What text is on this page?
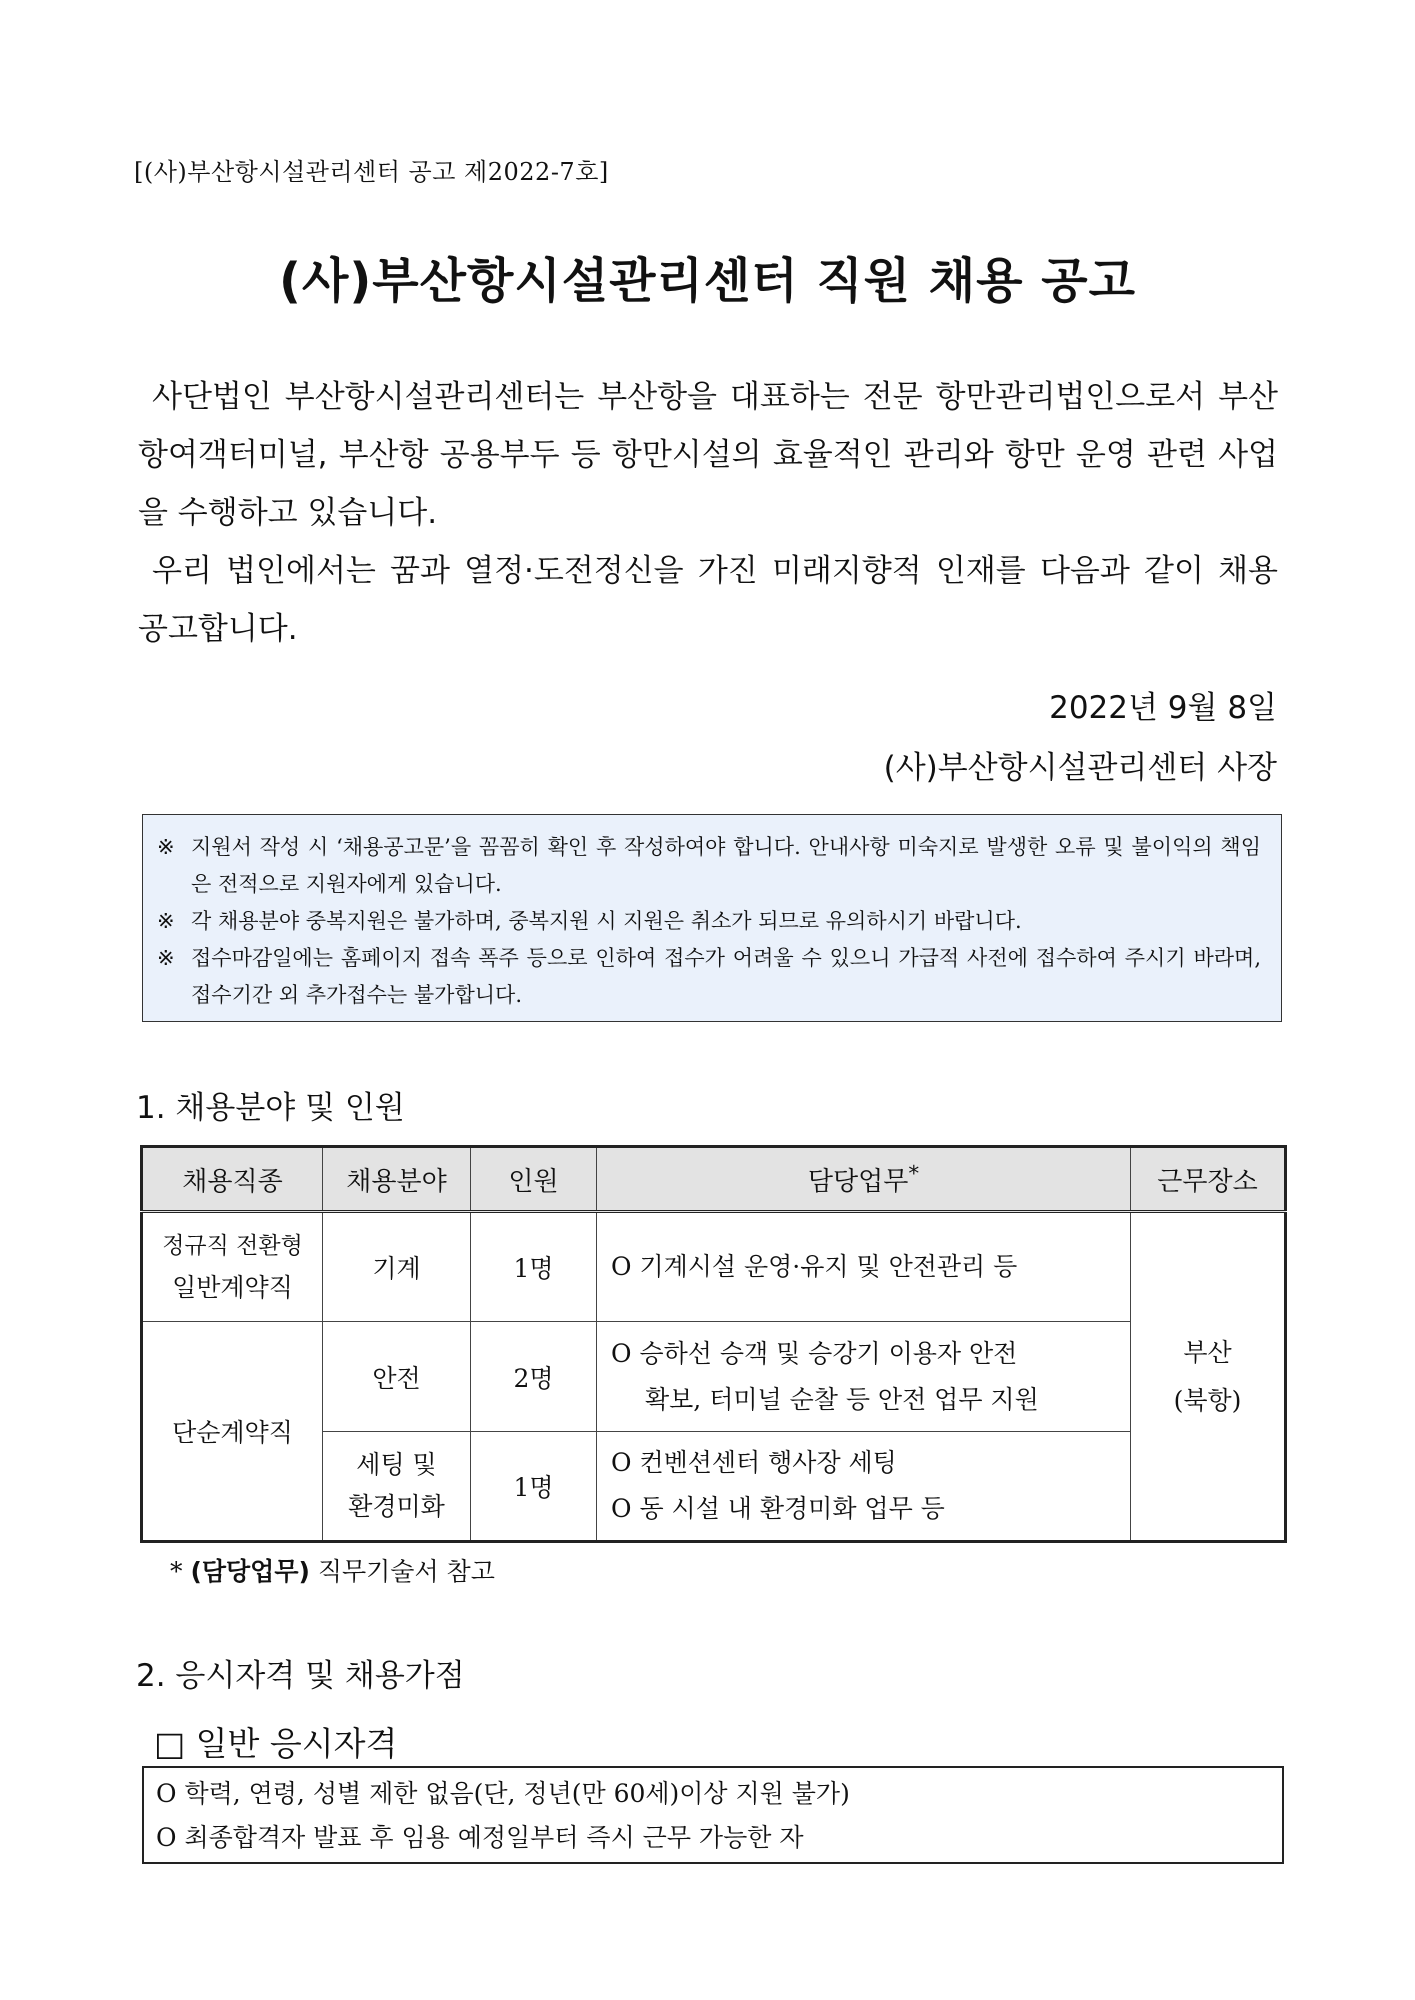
[(사)부산항시설관리센터 공고 제2022-7호]
(사)부산항시설관리센터 직원 채용 공고

사단법인 부산항시설관리센터는 부산항을 대표하는 전문 항만관리법인으로서 부산항여객터미널, 부산항 공용부두 등 항만시설의 효율적인 관리와 항만 운영 관련 사업을 수행하고 있습니다.

우리 법인에서는 꿈과 열정·도전정신을 가진 미래지향적 인재를 다음과 같이 채용 공고합니다.

2022년 9월 8일
(사)부산항시설관리센터 사장
※ 지원서 작성 시 ‘채용공고문’을 꼼꼼히 확인 후 작성하여야 합니다. 안내사항 미숙지로 발생한 오류 및 불이익의 책임은 전적으로 지원자에게 있습니다.
※ 각 채용분야 중복지원은 불가하며, 중복지원 시 지원은 취소가 되므로 유의하시기 바랍니다.
※ 접수마감일에는 홈페이지 접속 폭주 등으로 인하여 접수가 어려울 수 있으니 가급적 사전에 접수하여 주시기 바라며, 접수기간 외 추가접수는 불가합니다.
1. 채용분야 및 인원
채용직종	채용분야	인원	담당업무*	근무장소

정규직 전환형
일반계약직	기계	1명	O 기계시설 운영·유지 및 안전관리 등	부산
(북항)

단순계약직	안전	2명	O 승하선 승객 및 승강기 이용자 안전
확보, 터미널 순찰 등 안전 업무 지원	

	세팅 및
환경미화	1명	O 컨벤션센터 행사장 세팅
O 동 시설 내 환경미화 업무 등	
* (담당업무) 직무기술서 참고
2. 응시자격 및 채용가점
□ 일반 응시자격
O 학력, 연령, 성별 제한 없음(단, 정년(만 60세)이상 지원 불가)
O 최종합격자 발표 후 임용 예정일부터 즉시 근무 가능한 자
